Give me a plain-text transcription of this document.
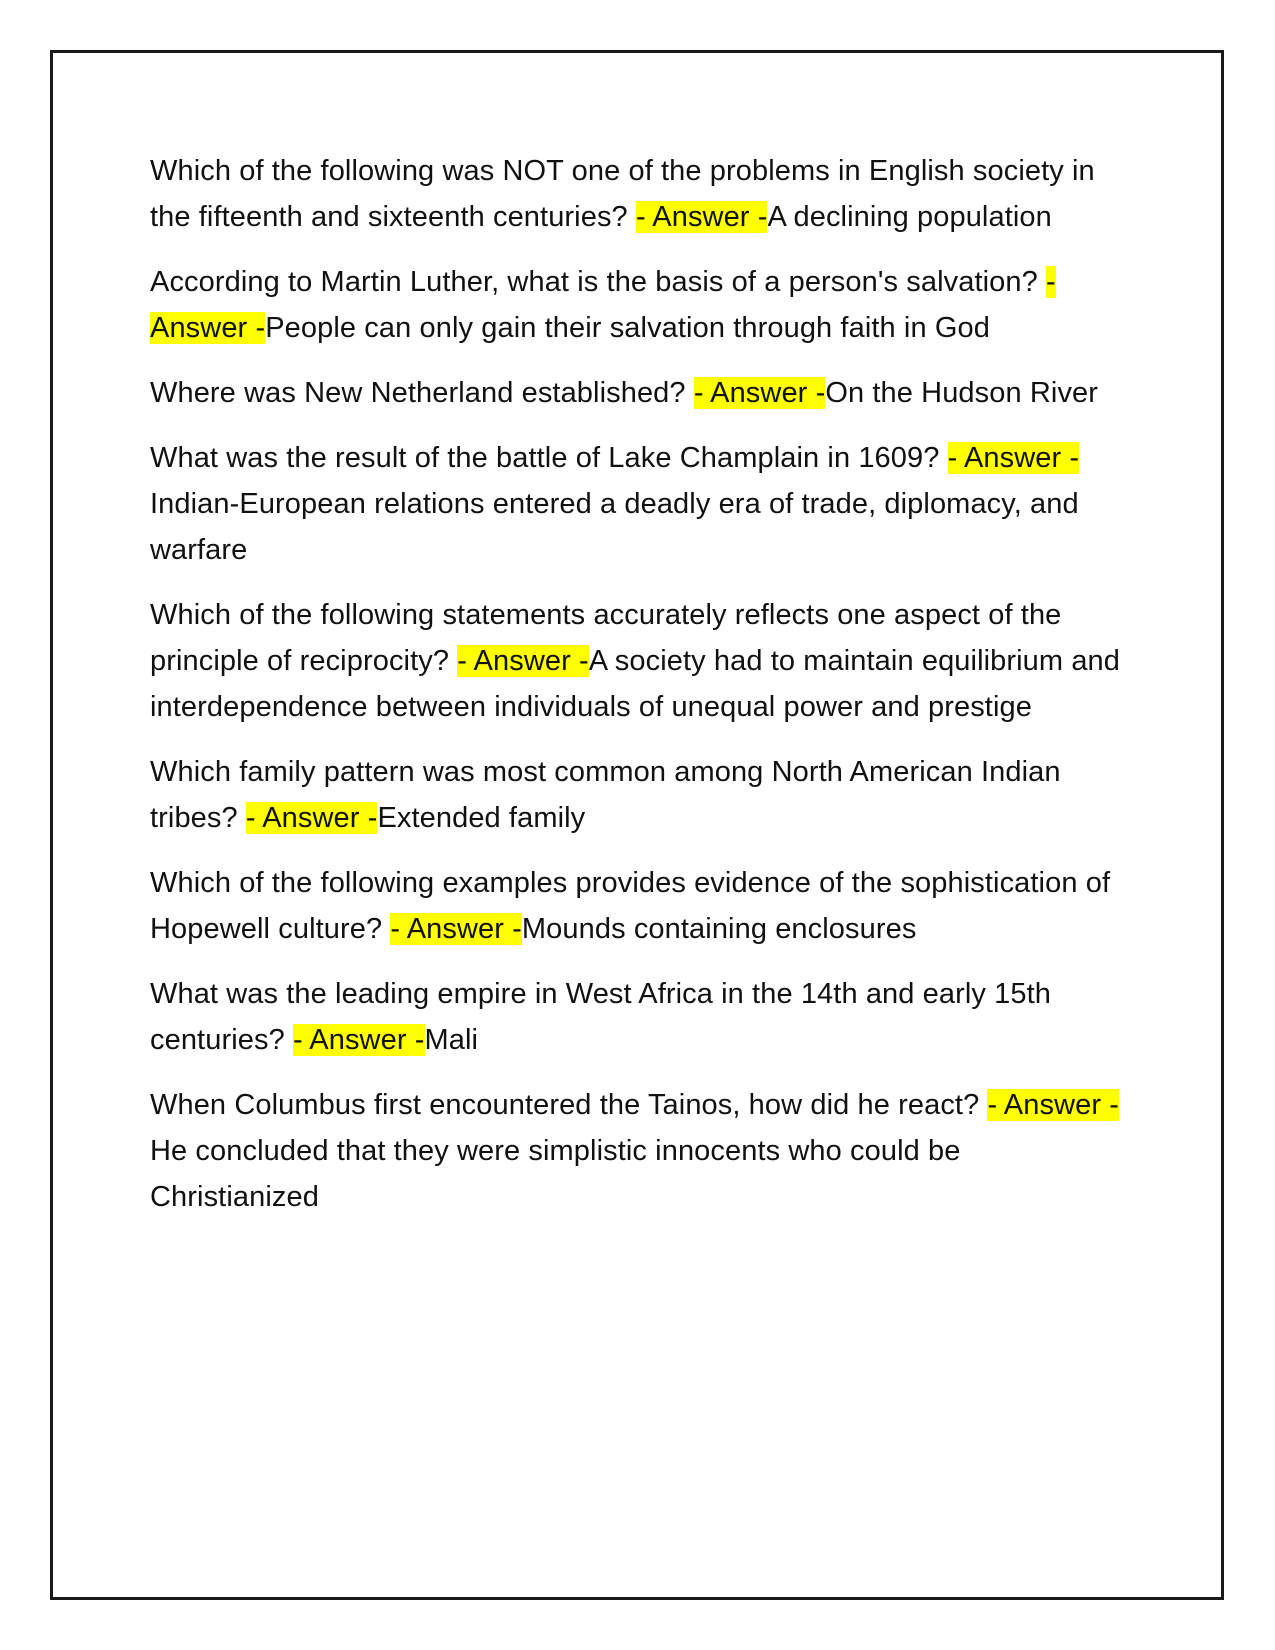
Which of the following was NOT one of the problems in English society in the fifteenth and sixteenth centuries? - Answer -A declining population

According to Martin Luther, what is the basis of a person's salvation? - Answer -People can only gain their salvation through faith in God

Where was New Netherland established? - Answer -On the Hudson River

What was the result of the battle of Lake Champlain in 1609? - Answer -Indian-European relations entered a deadly era of trade, diplomacy, and warfare

Which of the following statements accurately reflects one aspect of the principle of reciprocity? - Answer -A society had to maintain equilibrium and interdependence between individuals of unequal power and prestige

Which family pattern was most common among North American Indian tribes? - Answer -Extended family

Which of the following examples provides evidence of the sophistication of Hopewell culture? - Answer -Mounds containing enclosures

What was the leading empire in West Africa in the 14th and early 15th centuries? - Answer -Mali

When Columbus first encountered the Tainos, how did he react? - Answer -He concluded that they were simplistic innocents who could be Christianized
